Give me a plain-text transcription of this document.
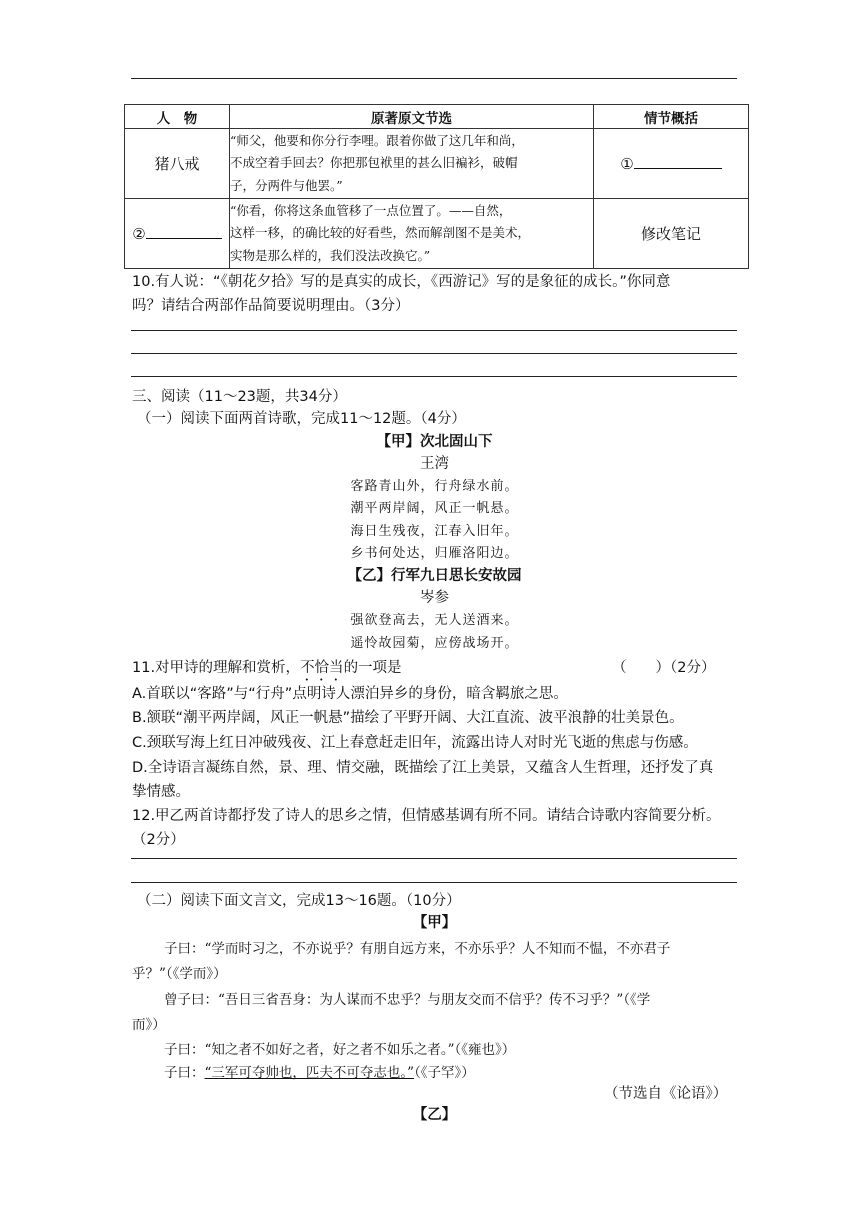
人　物	原著原文节选	情节概括
猪八戒	“师父，他要和你分行李哩。跟着你做了这几年和尚，
不成空着手回去？你把那包袱里的甚么旧褊衫，破帽
子，分两件与他罢。”	①
②	“你看，你将这条血管移了一点位置了。——自然，
这样一移，的确比较的好看些，然而解剖图不是美术，
实物是那么样的，我们没法改换它。”	修改笔记
10.有人说：“《朝花夕拾》写的是真实的成长，《西游记》写的是象征的成长。”你同意
吗？请结合两部作品简要说明理由。（3分）
三、阅读（11～23题，共34分）
（一）阅读下面两首诗歌，完成11～12题。（4分）
【甲】次北固山下
王湾
客路青山外，行舟绿水前。
潮平两岸阔，风正一帆悬。
海日生残夜，江春入旧年。
乡书何处达，归雁洛阳边。
【乙】行军九日思长安故园
岑参
强欲登高去，无人送酒来。
遥怜故园菊，应傍战场开。
11.对甲诗的理解和赏析，不恰当的一项是	（　　）（2分）
A.首联以“客路”与“行舟”点明诗人漂泊异乡的身份，暗含羁旅之思。
B.颔联“潮平两岸阔，风正一帆悬”描绘了平野开阔、大江直流、波平浪静的壮美景色。
C.颈联写海上红日冲破残夜、江上春意赶走旧年，流露出诗人对时光飞逝的焦虑与伤感。
D.全诗语言凝练自然，景、理、情交融，既描绘了江上美景，又蕴含人生哲理，还抒发了真
挚情感。
12.甲乙两首诗都抒发了诗人的思乡之情，但情感基调有所不同。请结合诗歌内容简要分析。
（2分）
（二）阅读下面文言文，完成13～16题。（10分）
【甲】
子曰：“学而时习之，不亦说乎？有朋自远方来，不亦乐乎？人不知而不愠，不亦君子
乎？”（《学而》）
曾子曰：“吾日三省吾身：为人谋而不忠乎？与朋友交而不信乎？传不习乎？”（《学
而》）
子曰：“知之者不如好之者，好之者不如乐之者。”（《雍也》）
子曰：“三军可夺帅也，匹夫不可夺志也。”（《子罕》）
（节选自《论语》）
【乙】
